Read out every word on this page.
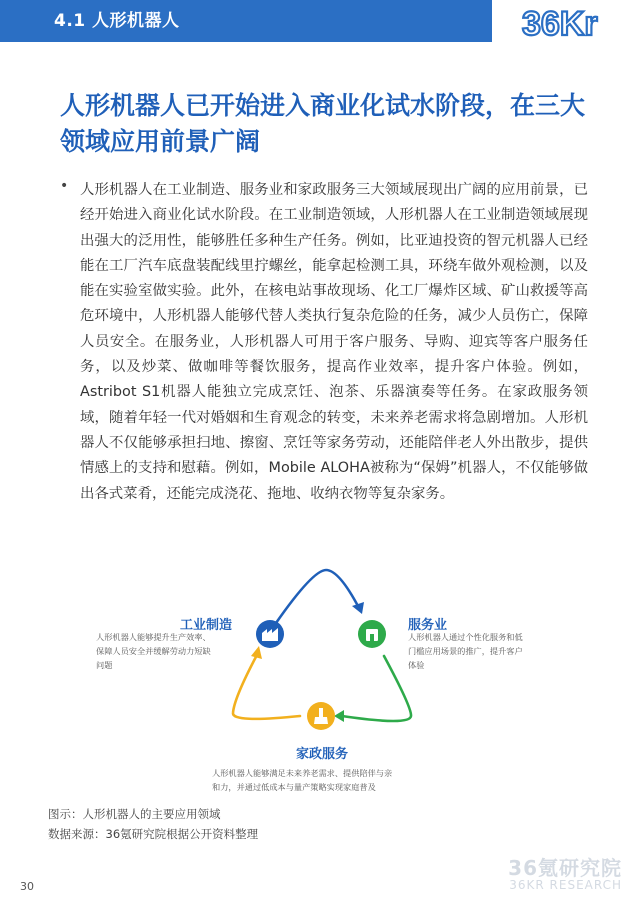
4.1 人形机器人	36Kr
人形机器人已开始进入商业化试水阶段，在三大领域应用前景广阔
• 人形机器人在工业制造、服务业和家政服务三大领域展现出广阔的应用前景，已经开始进入商业化试水阶段。在工业制造领域，人形机器人在工业制造领域展现出强大的泛用性，能够胜任多种生产任务。例如，比亚迪投资的智元机器人已经能在工厂汽车底盘装配线里拧螺丝，能拿起检测工具，环绕车做外观检测，以及能在实验室做实验。此外，在核电站事故现场、化工厂爆炸区域、矿山救援等高危环境中，人形机器人能够代替人类执行复杂危险的任务，减少人员伤亡，保障人员安全。在服务业，人形机器人可用于客户服务、导购、迎宾等客户服务任务，以及炒菜、做咖啡等餐饮服务，提高作业效率，提升客户体验。例如，Astribot S1机器人能独立完成烹饪、泡茶、乐器演奏等任务。在家政服务领域，随着年轻一代对婚姻和生育观念的转变，未来养老需求将急剧增加。人形机器人不仅能够承担扫地、擦窗、烹饪等家务劳动，还能陪伴老人外出散步，提供情感上的支持和慰藉。例如，Mobile ALOHA被称为“保姆”机器人，不仅能够做出各式菜肴，还能完成浇花、拖地、收纳衣物等复杂家务。

工业制造
人形机器人能够提升生产效率、
保障人员安全并缓解劳动力短缺
问题
服务业
人形机器人通过个性化服务和低
门槛应用场景的推广，提升客户
体验
家政服务
人形机器人能够满足未来养老需求、提供陪伴与亲
和力，并通过低成本与量产策略实现家庭普及
图示：人形机器人的主要应用领域
数据来源：36氪研究院根据公开资料整理
36氪研究院
36KR RESEARCH
30
